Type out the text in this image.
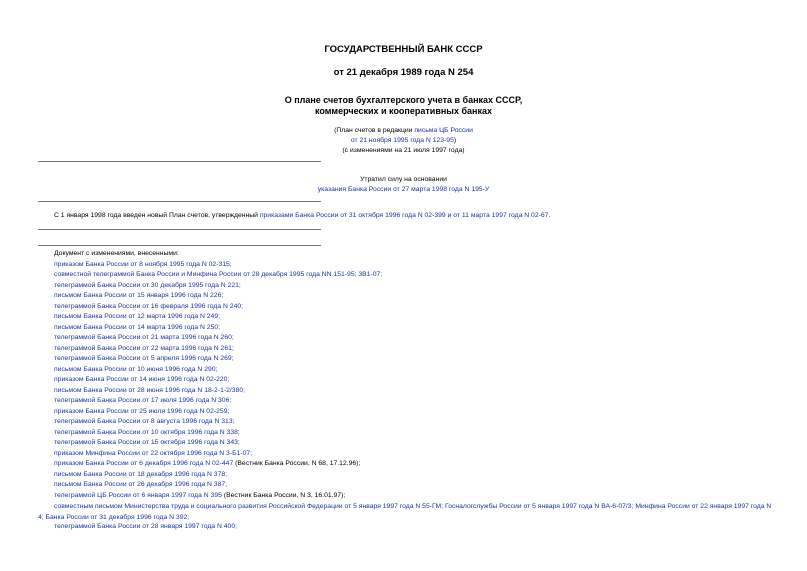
ГОСУДАРСТВЕННЫЙ БАНК СССР
от 21 декабря 1989 года N 254
О плане счетов бухгалтерского учета в банках СССР,
коммерческих и кооперативных банках
(План счетов в редакции письма ЦБ России
от 21 ноября 1995 года N 123-95)
(с изменениями на 21 июля 1997 года)
Утратил силу на основании
указания Банка России от 27 марта 1998 года N 195-У
С 1 января 1998 года введен новый План счетов, утвержденный приказами Банка России от 31 октября 1996 года N 02-399 и от 11 марта 1997 года N 02-67.
Документ с изменениями, внесенными:
приказом Банка России от 8 ноября 1995 года N 02-315;
совместной телеграммой Банка России и Минфина России от 28 декабря 1995 года NN 151-95; 3В1-07;
телеграммой Банка России от 30 декабря 1995 года N 221;
письмом Банка России от 15 января 1996 года N 226;
телеграммой Банка России от 16 февраля 1996 года N 240;
письмом Банка России от 12 марта 1996 года N 249;
письмом Банка России от 14 марта 1996 года N 250;
телеграммой Банка России от 21 марта 1996 года N 260;
телеграммой Банка России от 22 марта 1996 года N 261;
телеграммой Банка России от 5 апреля 1996 года N 269;
письмом Банка России от 10 июня 1996 года N 290;
приказом Банка России от 14 июня 1996 года N 02-220;
письмом Банка России от 28 июня 1996 года N 18-2-1-2/380;
телеграммой Банка России от 17 июля 1996 года N 306;
приказом Банка России от 25 июля 1996 года N 02-259;
телеграммой Банка России от 8 августа 1996 года N 313;
телеграммой Банка России от 10 октября 1996 года N 338;
телеграммой Банка России от 15 октября 1996 года N 343;
приказом Минфина России от 22 октября 1996 года N 3-Б1-07;
приказом Банка России от 6 декабря 1996 года N 02-447 (Вестник Банка России, N 68, 17.12.96);
письмом Банка России от 18 декабря 1996 года N 378;
письмом Банка России от 26 декабря 1996 года N 387;
телеграммой ЦБ России от 6 января 1997 года N 395 (Вестник Банка России, N 3, 16.01.97);
совместным письмом Министерства труда и социального развития Российской Федерации от 5 января 1997 года N 55-ГМ; Госналогслужбы России от 5 января 1997 года N ВА-6-07/3; Минфина России от 22 января 1997 года N 4; Банка России от 31 декабря 1996 года N 392;
телеграммой Банка России от 28 января 1997 года N 400;
